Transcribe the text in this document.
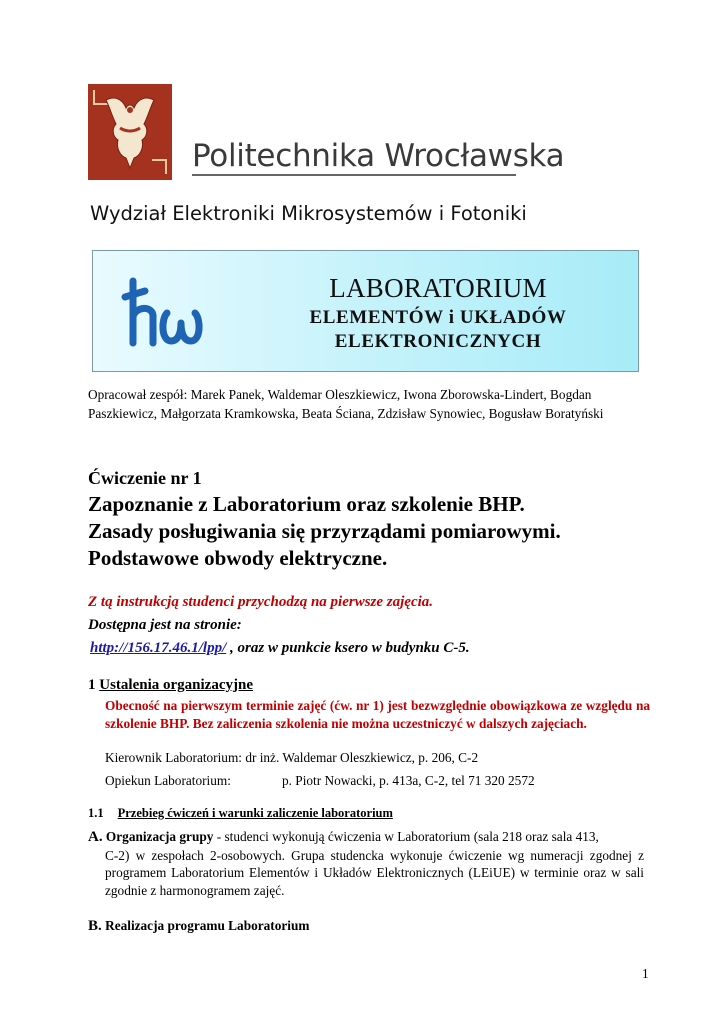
Politechnika Wrocławska
Wydział Elektroniki Mikrosystemów i Fotoniki
LABORATORIUM
ELEMENTÓW i UKŁADÓW
ELEKTRONICZNYCH
Opracował zespół: Marek Panek, Waldemar Oleszkiewicz, Iwona Zborowska-Lindert, Bogdan Paszkiewicz, Małgorzata Kramkowska, Beata Ściana, Zdzisław Synowiec, Bogusław Boratyński
Ćwiczenie nr 1
Zapoznanie z Laboratorium oraz szkolenie BHP.
Zasady posługiwania się przyrządami pomiarowymi.
Podstawowe obwody elektryczne.
Z tą instrukcją studenci przychodzą na pierwsze zajęcia.
Dostępna jest na stronie:
http://156.17.46.1/lpp/ , oraz w punkcie ksero w budynku C-5.
1 Ustalenia organizacyjne
Obecność na pierwszym terminie zajęć (ćw. nr 1) jest bezwzględnie obowiązkowa ze względu na szkolenie BHP. Bez zaliczenia szkolenia nie można uczestniczyć w dalszych zajęciach.
Kierownik Laboratorium: dr inż. Waldemar Oleszkiewicz, p. 206, C-2
Opiekun Laboratorium:	p. Piotr Nowacki, p. 413a, C-2, tel 71 320 2572
1.1 Przebieg ćwiczeń i warunki zaliczenie laboratorium
A. Organizacja grupy - studenci wykonują ćwiczenia w Laboratorium (sala 218 oraz sala 413,
C-2) w zespołach 2-osobowych. Grupa studencka wykonuje ćwiczenie wg numeracji zgodnej z programem Laboratorium Elementów i Układów Elektronicznych (LEiUE) w terminie oraz w sali zgodnie z harmonogramem zajęć.
B. Realizacja programu Laboratorium
1
